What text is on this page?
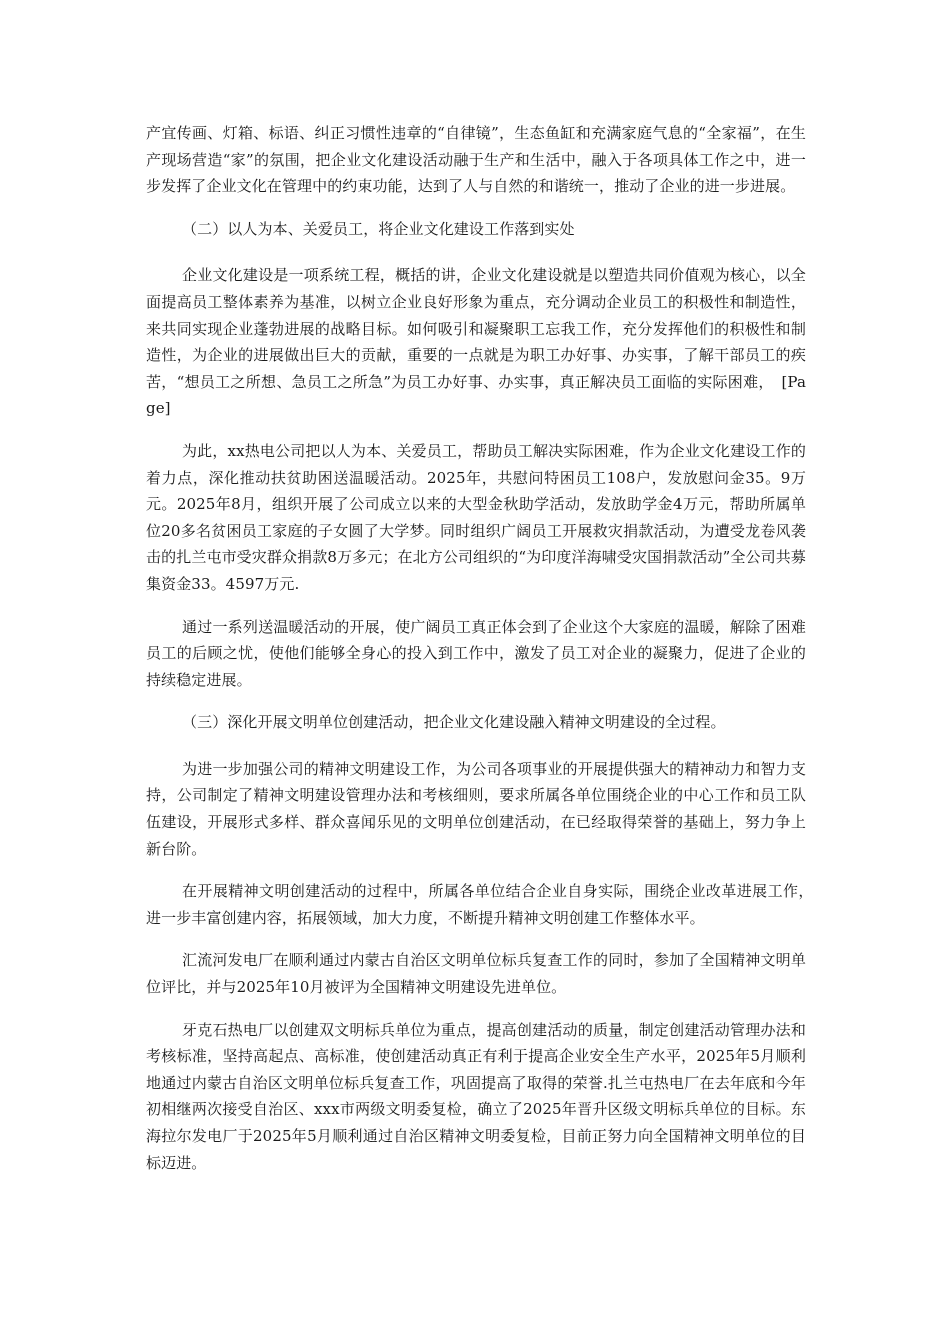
产宜传画、灯箱、标语、纠正习惯性违章的“自律镜”，生态鱼缸和充满家庭气息的“全家福”，在生产现场营造“家”的氛围，把企业文化建设活动融于生产和生活中，融入于各项具体工作之中，进一步发挥了企业文化在管理中的约束功能，达到了人与自然的和谐统一，推动了企业的进一步进展。

（二）以人为本、关爱员工，将企业文化建设工作落到实处

企业文化建设是一项系统工程，概括的讲，企业文化建设就是以塑造共同价值观为核心，以全面提高员工整体素养为基准，以树立企业良好形象为重点，充分调动企业员工的积极性和制造性，来共同实现企业蓬勃进展的战略目标。如何吸引和凝聚职工忘我工作，充分发挥他们的积极性和制造性，为企业的进展做出巨大的贡献，重要的一点就是为职工办好事、办实事，了解干部员工的疾苦，“想员工之所想、急员工之所急”为员工办好事、办实事，真正解决员工面临的实际困难，　[Page]

为此，xx热电公司把以人为本、关爱员工，帮助员工解决实际困难，作为企业文化建设工作的着力点，深化推动扶贫助困送温暖活动。2025年，共慰问特困员工108户，发放慰问金35。9万元。2025年8月，组织开展了公司成立以来的大型金秋助学活动，发放助学金4万元，帮助所属单位20多名贫困员工家庭的子女圆了大学梦。同时组织广阔员工开展救灾捐款活动，为遭受龙卷风袭击的扎兰屯市受灾群众捐款8万多元；在北方公司组织的“为印度洋海啸受灾国捐款活动”全公司共募集资金33。4597万元.

通过一系列送温暖活动的开展，使广阔员工真正体会到了企业这个大家庭的温暖，解除了困难员工的后顾之忧，使他们能够全身心的投入到工作中，激发了员工对企业的凝聚力，促进了企业的持续稳定进展。

（三）深化开展文明单位创建活动，把企业文化建设融入精神文明建设的全过程。

为进一步加强公司的精神文明建设工作，为公司各项事业的开展提供强大的精神动力和智力支持，公司制定了精神文明建设管理办法和考核细则，要求所属各单位围绕企业的中心工作和员工队伍建设，开展形式多样、群众喜闻乐见的文明单位创建活动，在已经取得荣誉的基础上，努力争上新台阶。

在开展精神文明创建活动的过程中，所属各单位结合企业自身实际，围绕企业改革进展工作，　进一步丰富创建内容，拓展领域，加大力度，不断提升精神文明创建工作整体水平。

汇流河发电厂在顺利通过内蒙古自治区文明单位标兵复查工作的同时，参加了全国精神文明单位评比，并与2025年10月被评为全国精神文明建设先进单位。

牙克石热电厂以创建双文明标兵单位为重点，提高创建活动的质量，制定创建活动管理办法和考核标准，坚持高起点、高标准，使创建活动真正有利于提高企业安全生产水平，2025年5月顺利地通过内蒙古自治区文明单位标兵复查工作，巩固提高了取得的荣誉.扎兰屯热电厂在去年底和今年初相继两次接受自治区、xxx市两级文明委复检，确立了2025年晋升区级文明标兵单位的目标。东海拉尔发电厂于2025年5月顺利通过自治区精神文明委复检，目前正努力向全国精神文明单位的目标迈进。
